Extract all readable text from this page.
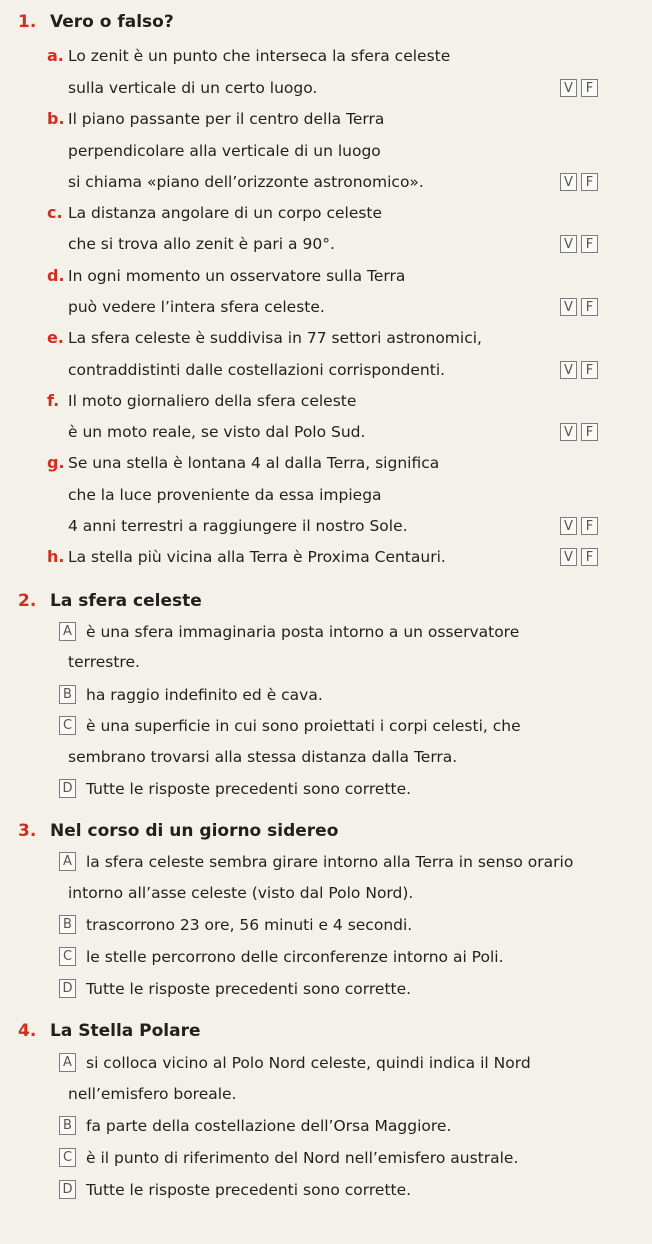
1. Vero o falso?
a. Lo zenit è un punto che interseca la sfera celeste
sulla verticale di un certo luogo.	V F
b. Il piano passante per il centro della Terra
perpendicolare alla verticale di un luogo
si chiama «piano dell’orizzonte astronomico».	V F
c. La distanza angolare di un corpo celeste
che si trova allo zenit è pari a 90°.	V F
d. In ogni momento un osservatore sulla Terra
può vedere l’intera sfera celeste.	V F
e. La sfera celeste è suddivisa in 77 settori astronomici,
contraddistinti dalle costellazioni corrispondenti.	V F
f. Il moto giornaliero della sfera celeste
è un moto reale, se visto dal Polo Sud.	V F
g. Se una stella è lontana 4 al dalla Terra, significa
che la luce proveniente da essa impiega
4 anni terrestri a raggiungere il nostro Sole.	V F
h. La stella più vicina alla Terra è Proxima Centauri.	V F
2. La sfera celeste
A è una sfera immaginaria posta intorno a un osservatore
terrestre.
B ha raggio indefinito ed è cava.
C è una superficie in cui sono proiettati i corpi celesti, che
sembrano trovarsi alla stessa distanza dalla Terra.
D Tutte le risposte precedenti sono corrette.
3. Nel corso di un giorno sidereo
A la sfera celeste sembra girare intorno alla Terra in senso orario
intorno all’asse celeste (visto dal Polo Nord).
B trascorrono 23 ore, 56 minuti e 4 secondi.
C le stelle percorrono delle circonferenze intorno ai Poli.
D Tutte le risposte precedenti sono corrette.
4. La Stella Polare
A si colloca vicino al Polo Nord celeste, quindi indica il Nord
nell’emisfero boreale.
B fa parte della costellazione dell’Orsa Maggiore.
C è il punto di riferimento del Nord nell’emisfero australe.
D Tutte le risposte precedenti sono corrette.
